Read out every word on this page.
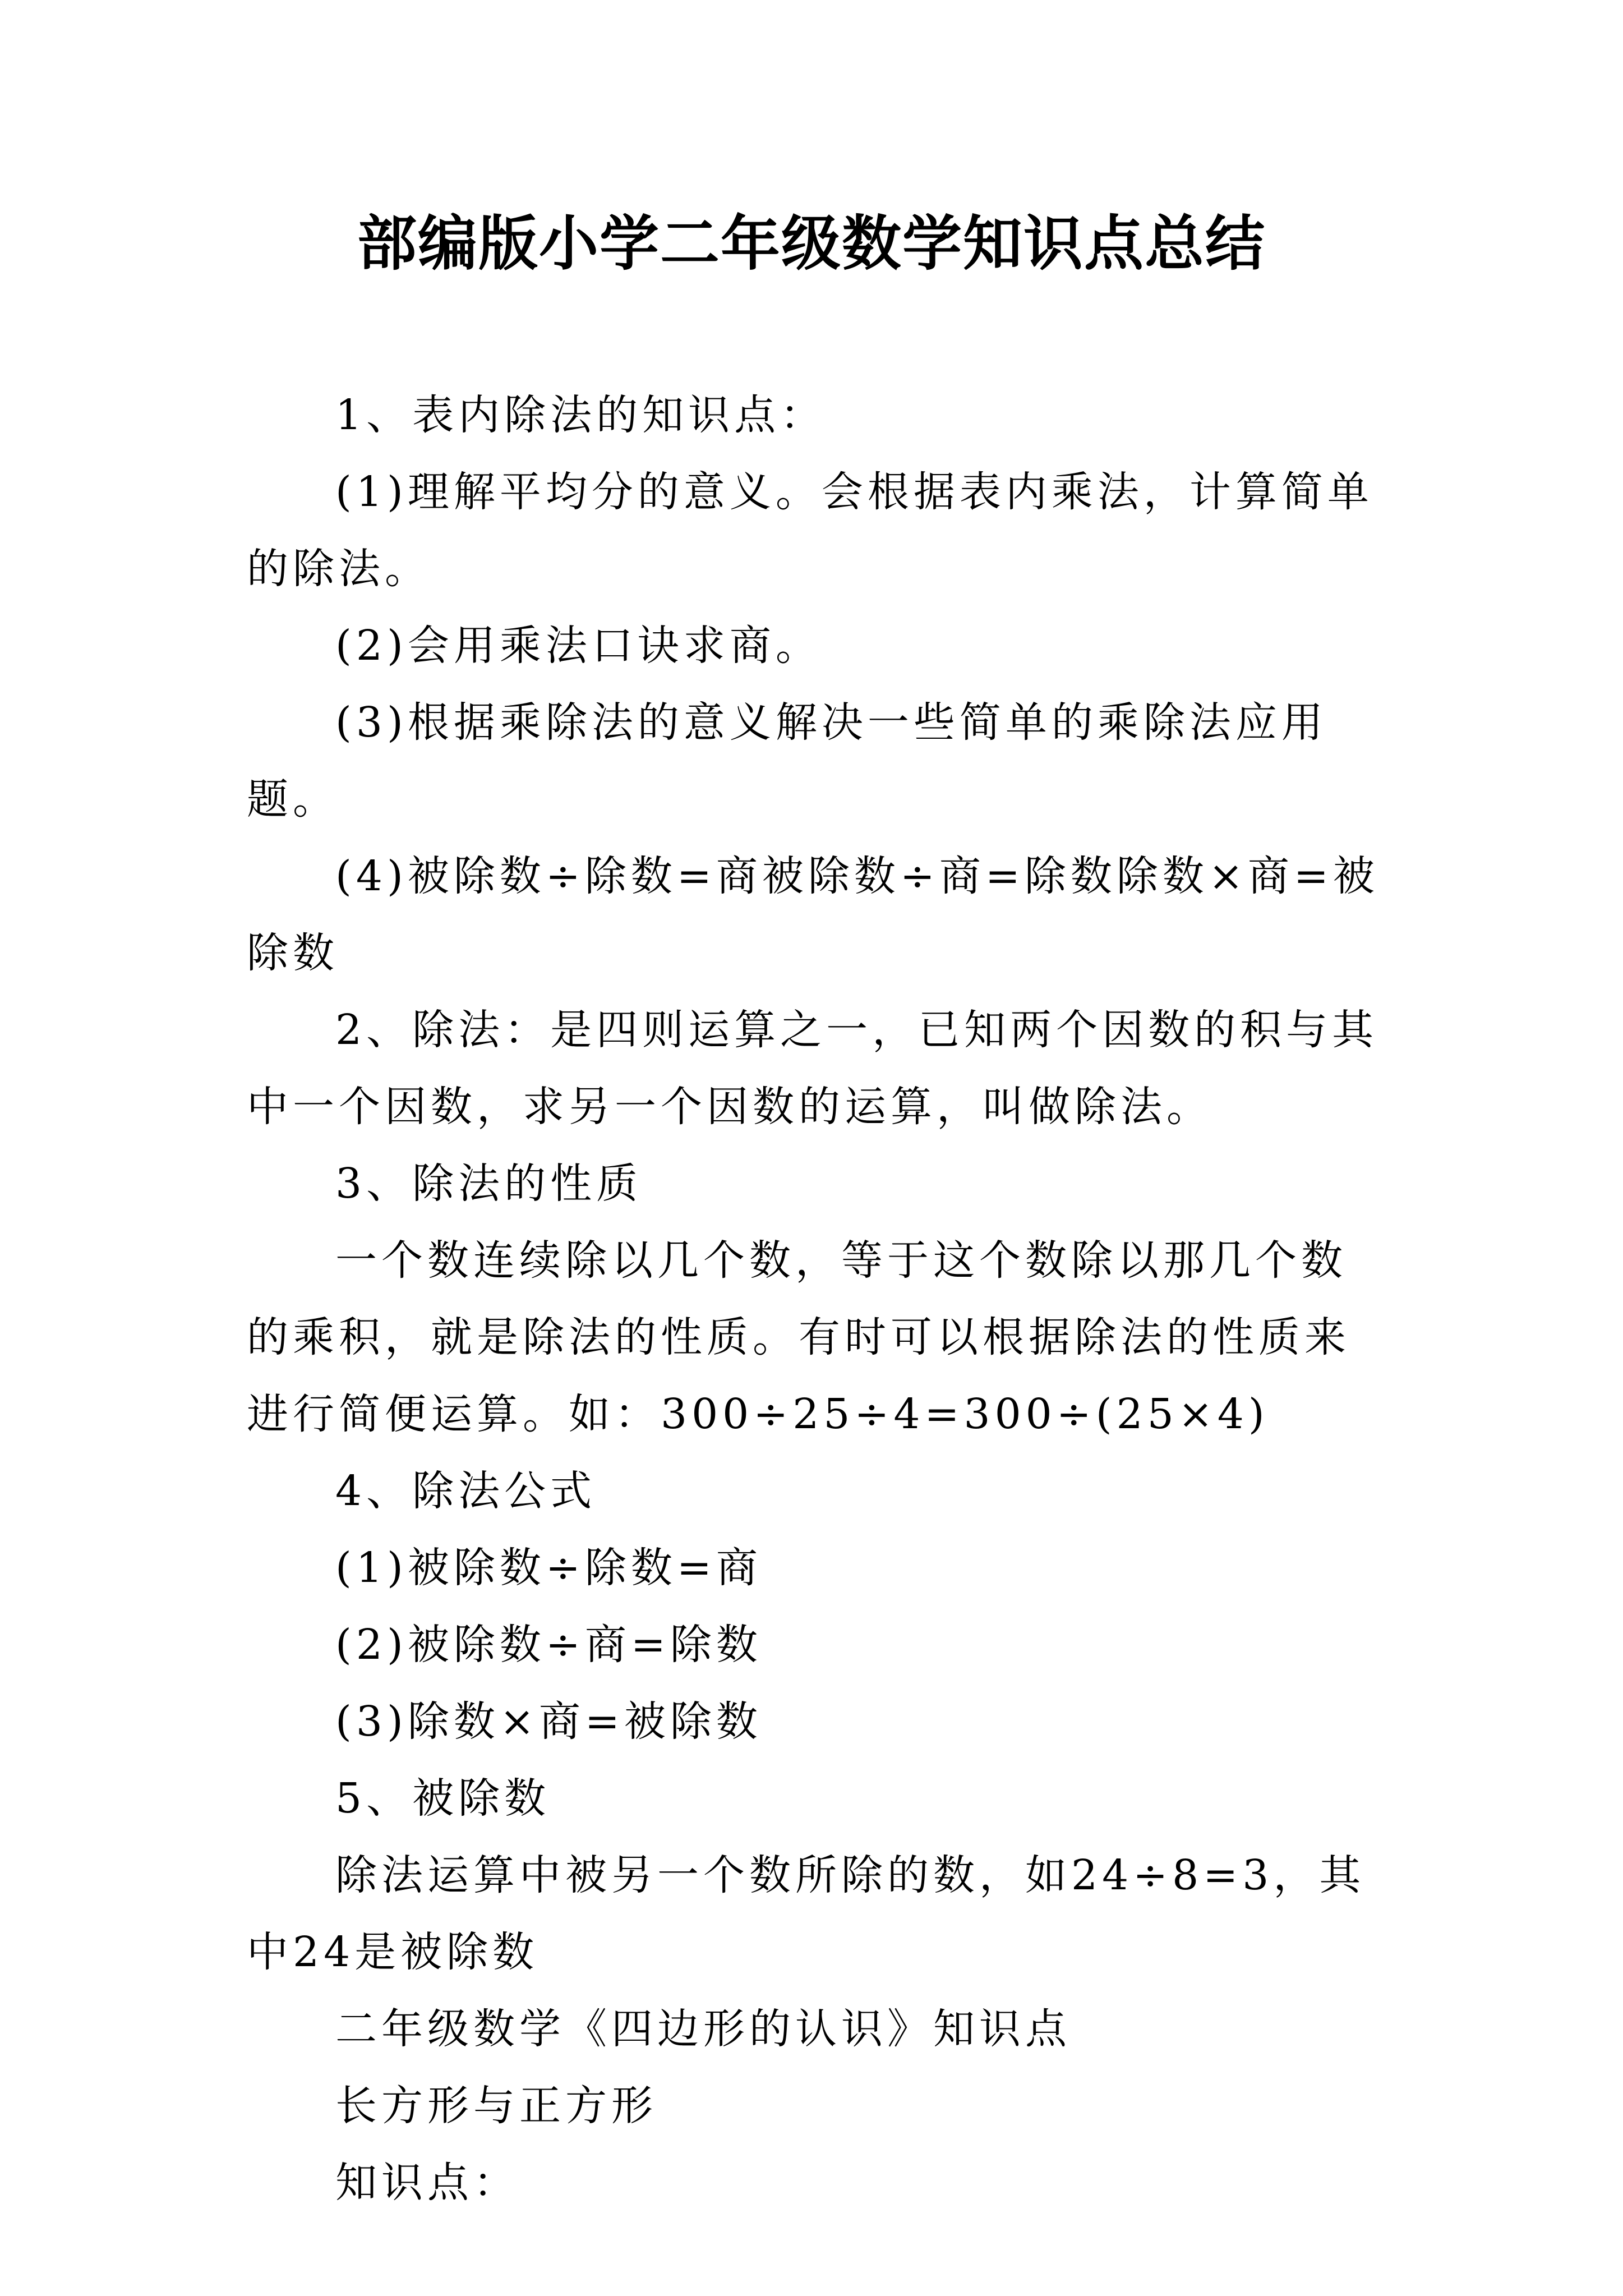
部编版小学二年级数学知识点总结

1、表内除法的知识点：

(1)理解平均分的意义。会根据表内乘法，计算简单的除法。

(2)会用乘法口诀求商。

(3)根据乘除法的意义解决一些简单的乘除法应用题。

(4)被除数÷除数=商被除数÷商=除数除数×商=被除数

2、除法：是四则运算之一，已知两个因数的积与其中一个因数，求另一个因数的运算，叫做除法。

3、除法的性质

一个数连续除以几个数，等于这个数除以那几个数的乘积，就是除法的性质。有时可以根据除法的性质来进行简便运算。如：300÷25÷4=300÷(25×4)

4、除法公式

(1)被除数÷除数=商

(2)被除数÷商=除数

(3)除数×商=被除数

5、被除数

除法运算中被另一个数所除的数，如24÷8=3，其中24是被除数

二年级数学《四边形的认识》知识点

长方形与正方形

知识点：
